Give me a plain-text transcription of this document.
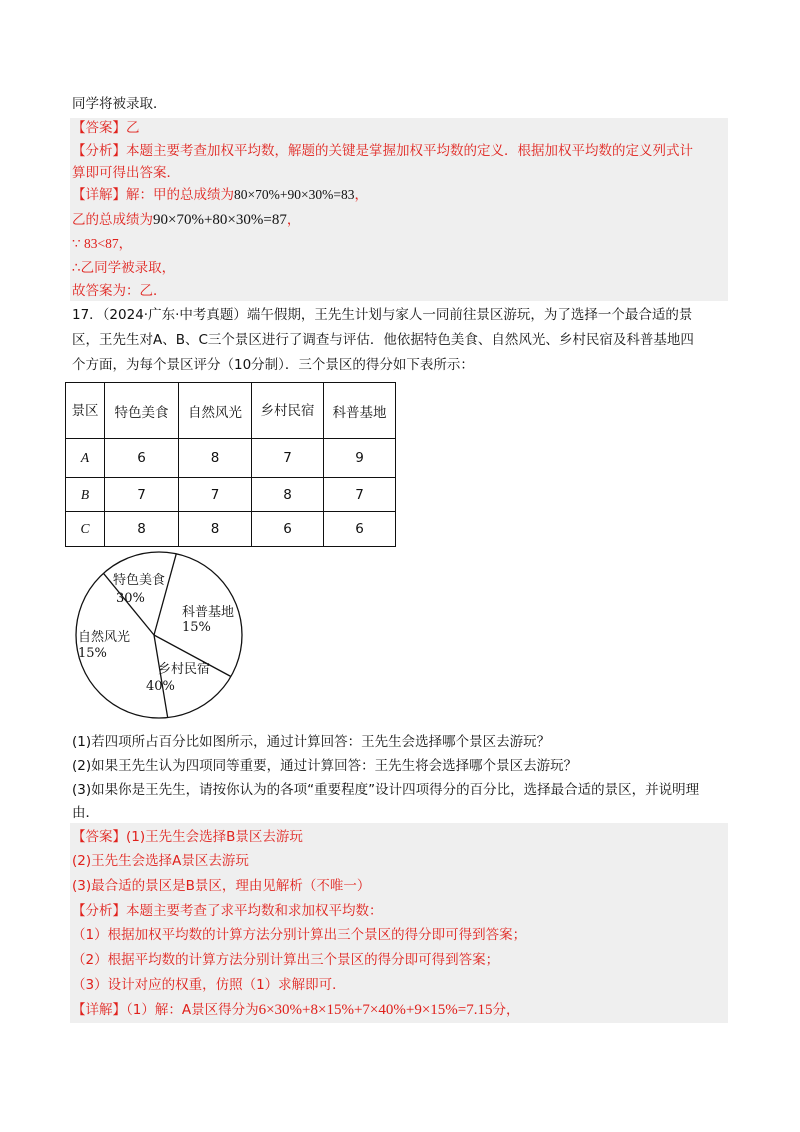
同学将被录取．
【答案】乙
【分析】本题主要考查加权平均数，解题的关键是掌握加权平均数的定义．根据加权平均数的定义列式计
算即可得出答案．
【详解】解：甲的总成绩为80×70%+90×30%=83，
乙的总成绩为90×70%+80×30%=87，
∵ 83<87，
∴乙同学被录取，
故答案为：乙．
17．（2024·广东·中考真题）端午假期，王先生计划与家人一同前往景区游玩，为了选择一个最合适的景
区，王先生对A、B、C三个景区进行了调查与评估．他依据特色美食、自然风光、乡村民宿及科普基地四
个方面，为每个景区评分（10分制）．三个景区的得分如下表所示：
景区	特色美食	自然风光	乡村民宿	科普基地
A	6	8	7	9
B	7	7	8	7
C	8	8	6	6
特色美食
30%
科普基地
15%
乡村民宿
40%
自然风光
15%
(1)若四项所占百分比如图所示，通过计算回答：王先生会选择哪个景区去游玩？
(2)如果王先生认为四项同等重要，通过计算回答：王先生将会选择哪个景区去游玩？
(3)如果你是王先生，请按你认为的各项“重要程度”设计四项得分的百分比，选择最合适的景区，并说明理
由．
【答案】(1)王先生会选择B景区去游玩
(2)王先生会选择A景区去游玩
(3)最合适的景区是B景区，理由见解析（不唯一）
【分析】本题主要考查了求平均数和求加权平均数：
（1）根据加权平均数的计算方法分别计算出三个景区的得分即可得到答案；
（2）根据平均数的计算方法分别计算出三个景区的得分即可得到答案；
（3）设计对应的权重，仿照（1）求解即可．
【详解】（1）解：A景区得分为6×30%+8×15%+7×40%+9×15%=7.15分，
